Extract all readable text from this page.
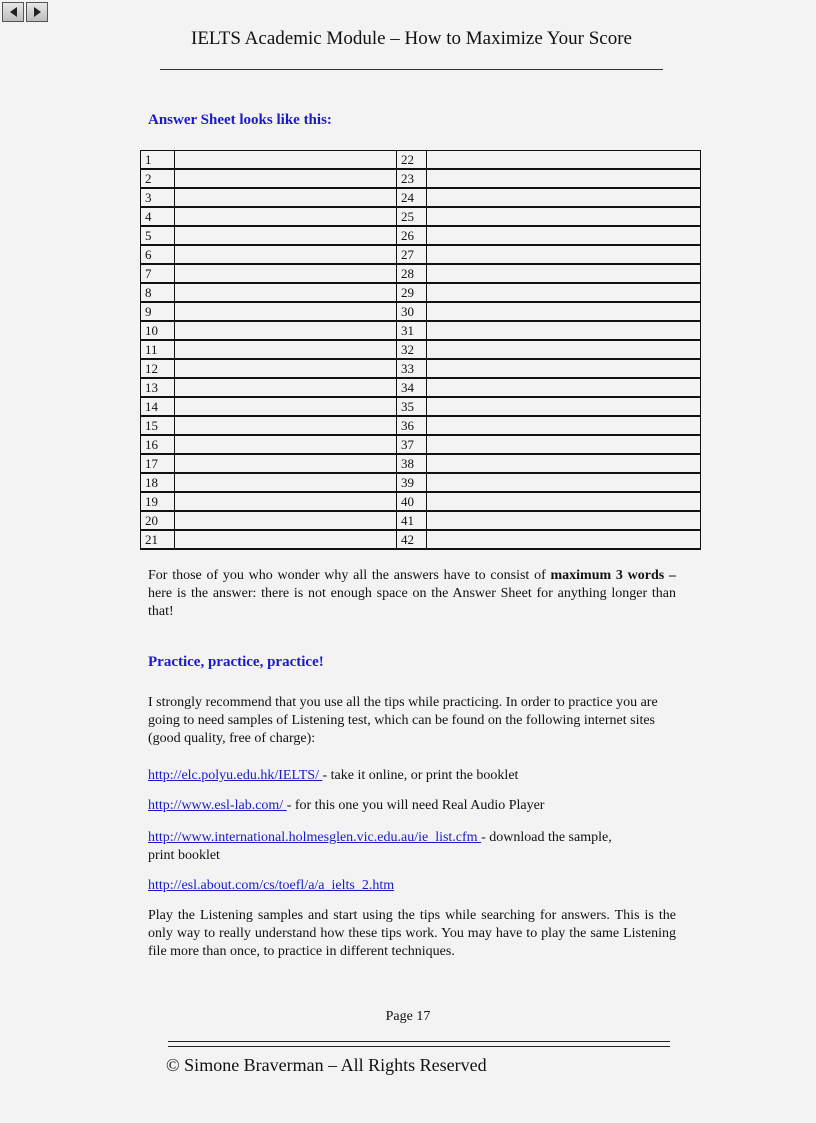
IELTS Academic Module – How to Maximize Your Score
Answer Sheet looks like this:
1		22	
2		23	
3		24	
4		25	
5		26	
6		27	
7		28	
8		29	
9		30	
10		31	
11		32	
12		33	
13		34	
14		35	
15		36	
16		37	
17		38	
18		39	
19		40	
20		41	
21		42	
For those of you who wonder why all the answers have to consist of maximum 3 words – here is the answer: there is not enough space on the Answer Sheet for anything longer than that!
Practice, practice, practice!
I strongly recommend that you use all the tips while practicing. In order to practice you are going to need samples of Listening test, which can be found on the following internet sites (good quality, free of charge):
http://elc.polyu.edu.hk/IELTS/ - take it online, or print the booklet
http://www.esl-lab.com/ - for this one you will need Real Audio Player
http://www.international.holmesglen.vic.edu.au/ie_list.cfm - download the sample,
print booklet
http://esl.about.com/cs/toefl/a/a_ielts_2.htm
Play the Listening samples and start using the tips while searching for answers. This is the only way to really understand how these tips work. You may have to play the same Listening file more than once, to practice in different techniques.
Page 17
© Simone Braverman – All Rights Reserved
